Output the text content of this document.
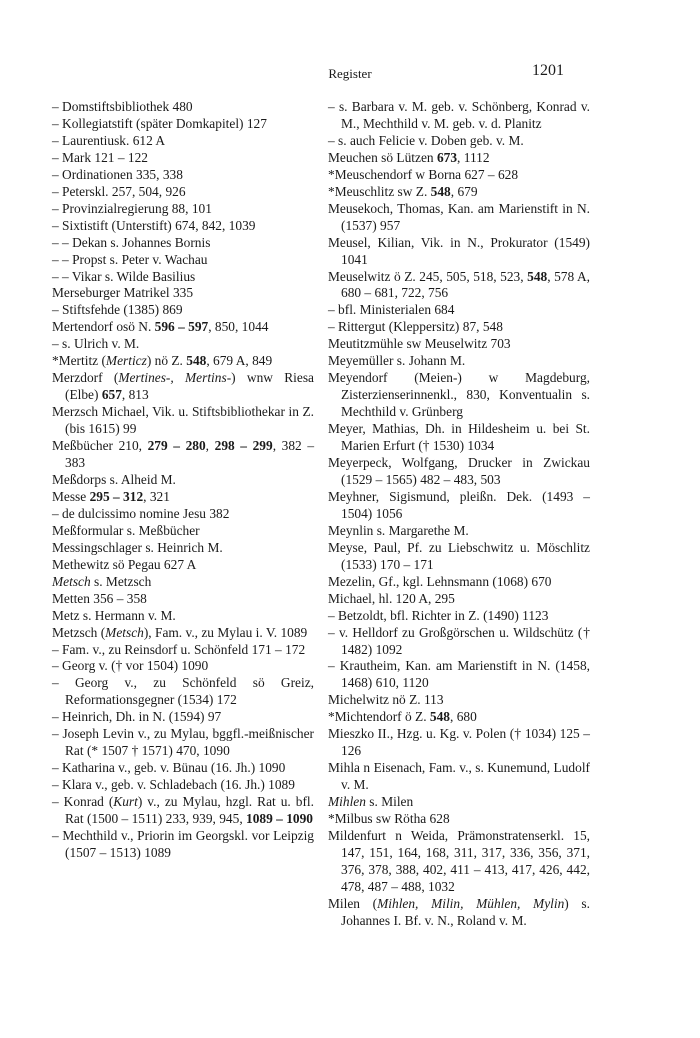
Register	1201
– Domstiftsbibliothek 480
– Kollegiatstift (später Domkapitel) 127
– Laurentiusk. 612 A
– Mark 121 – 122
– Ordinationen 335, 338
– Peterskl. 257, 504, 926
– Provinzialregierung 88, 101
– Sixtistift (Unterstift) 674, 842, 1039
– – Dekan s. Johannes Bornis
– – Propst s. Peter v. Wachau
– – Vikar s. Wilde Basilius
Merseburger Matrikel 335
– Stiftsfehde (1385) 869
Mertendorf osö N. 596 – 597, 850, 1044
– s. Ulrich v. M.
*Mertitz (Merticz) nö Z. 548, 679 A, 849
Merzdorf (Mertines-, Mertins-) wnw Riesa (Elbe) 657, 813
Merzsch Michael, Vik. u. Stiftsbibliothekar in Z. (bis 1615) 99
Meßbücher 210, 279 – 280, 298 – 299, 382 – 383
Meßdorps s. Alheid M.
Messe 295 – 312, 321
– de dulcissimo nomine Jesu 382
Meßformular s. Meßbücher
Messingschlager s. Heinrich M.
Methewitz sö Pegau 627 A
Metsch s. Metzsch
Metten 356 – 358
Metz s. Hermann v. M.
Metzsch (Metsch), Fam. v., zu Mylau i. V. 1089
– Fam. v., zu Reinsdorf u. Schönfeld 171 – 172
– Georg v. († vor 1504) 1090
– Georg v., zu Schönfeld sö Greiz, Reformationsgegner (1534) 172
– Heinrich, Dh. in N. (1594) 97
– Joseph Levin v., zu Mylau, bggfl.-meißnischer Rat (* 1507 † 1571) 470, 1090
– Katharina v., geb. v. Bünau (16. Jh.) 1090
– Klara v., geb. v. Schladebach (16. Jh.) 1089
– Konrad (Kurt) v., zu Mylau, hzgl. Rat u. bfl. Rat (1500 – 1511) 233, 939, 945, 1089 – 1090
– Mechthild v., Priorin im Georgskl. vor Leipzig (1507 – 1513) 1089
– s. Barbara v. M. geb. v. Schönberg, Konrad v. M., Mechthild v. M. geb. v. d. Planitz
– s. auch Felicie v. Doben geb. v. M.
Meuchen sö Lützen 673, 1112
*Meuschendorf w Borna 627 – 628
*Meuschlitz sw Z. 548, 679
Meusekoch, Thomas, Kan. am Marienstift in N. (1537) 957
Meusel, Kilian, Vik. in N., Prokurator (1549) 1041
Meuselwitz ö Z. 245, 505, 518, 523, 548, 578 A, 680 – 681, 722, 756
– bfl. Ministerialen 684
– Rittergut (Kleppersitz) 87, 548
Meutitzmühle sw Meuselwitz 703
Meyemüller s. Johann M.
Meyendorf (Meien-) w Magdeburg, Zisterzienserinnenkl., 830, Konventualin s. Mechthild v. Grünberg
Meyer, Mathias, Dh. in Hildesheim u. bei St. Marien Erfurt († 1530) 1034
Meyerpeck, Wolfgang, Drucker in Zwickau (1529 – 1565) 482 – 483, 503
Meyhner, Sigismund, pleißn. Dek. (1493 – 1504) 1056
Meynlin s. Margarethe M.
Meyse, Paul, Pf. zu Liebschwitz u. Möschlitz (1533) 170 – 171
Mezelin, Gf., kgl. Lehnsmann (1068) 670
Michael, hl. 120 A, 295
– Betzoldt, bfl. Richter in Z. (1490) 1123
– v. Helldorf zu Großgörschen u. Wildschütz († 1482) 1092
– Krautheim, Kan. am Marienstift in N. (1458, 1468) 610, 1120
Michelwitz nö Z. 113
*Michtendorf ö Z. 548, 680
Mieszko II., Hzg. u. Kg. v. Polen († 1034) 125 – 126
Mihla n Eisenach, Fam. v., s. Kunemund, Ludolf v. M.
Mihlen s. Milen
*Milbus sw Rötha 628
Mildenfurt n Weida, Prämonstratenserkl. 15, 147, 151, 164, 168, 311, 317, 336, 356, 371, 376, 378, 388, 402, 411 – 413, 417, 426, 442, 478, 487 – 488, 1032
Milen (Mihlen, Milin, Mühlen, Mylin) s. Johannes I. Bf. v. N., Roland v. M.
